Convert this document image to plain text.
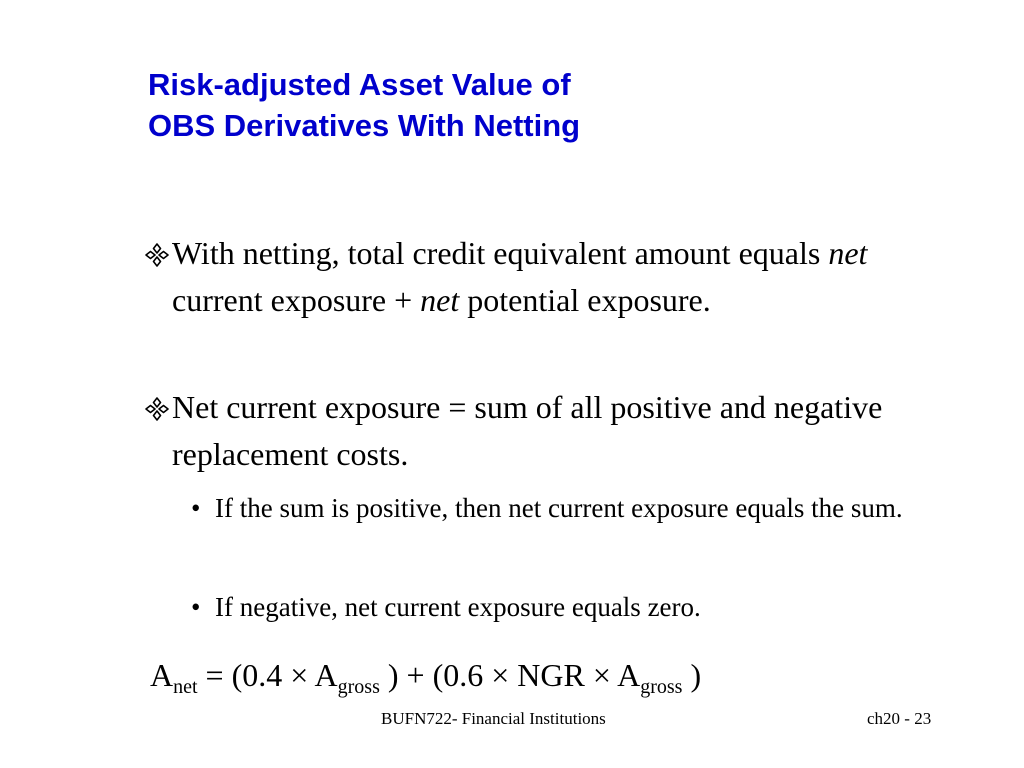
Risk-adjusted Asset Value of
OBS Derivatives With Netting
With netting, total credit equivalent amount equals net current exposure + net potential exposure.
Net current exposure = sum of all positive and negative replacement costs.
• If the sum is positive, then net current exposure equals the sum.
• If negative, net current exposure equals zero.
$A_{net} = (0.4 \times A_{gross}$ ) + (0.6 × NGR × $A_{gross}$ )
BUFN722- Financial Institutions	ch20 - 23
